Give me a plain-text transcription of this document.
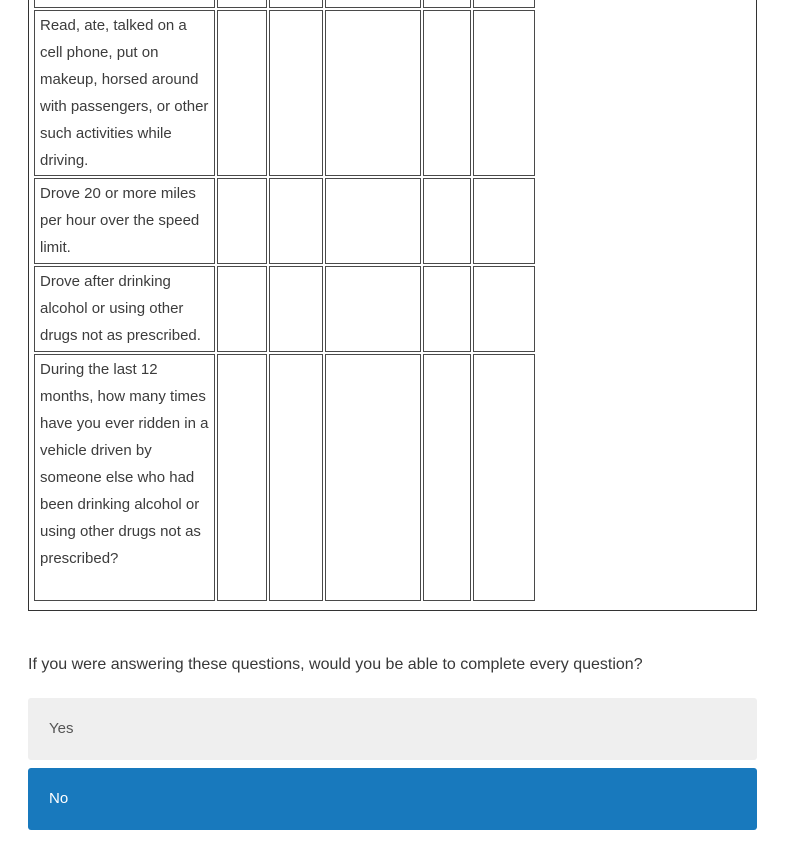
Read, ate, talked on a cell phone, put on makeup, horsed around with passengers, or other such activities while driving.					
Drove 20 or more miles per hour over the speed limit.					
Drove after drinking alcohol or using other drugs not as prescribed.					
During the last 12 months, how many times have you ever ridden in a vehicle driven by someone else who had been drinking alcohol or using other drugs not as prescribed?					
If you were answering these questions, would you be able to complete every question?
Yes
No
